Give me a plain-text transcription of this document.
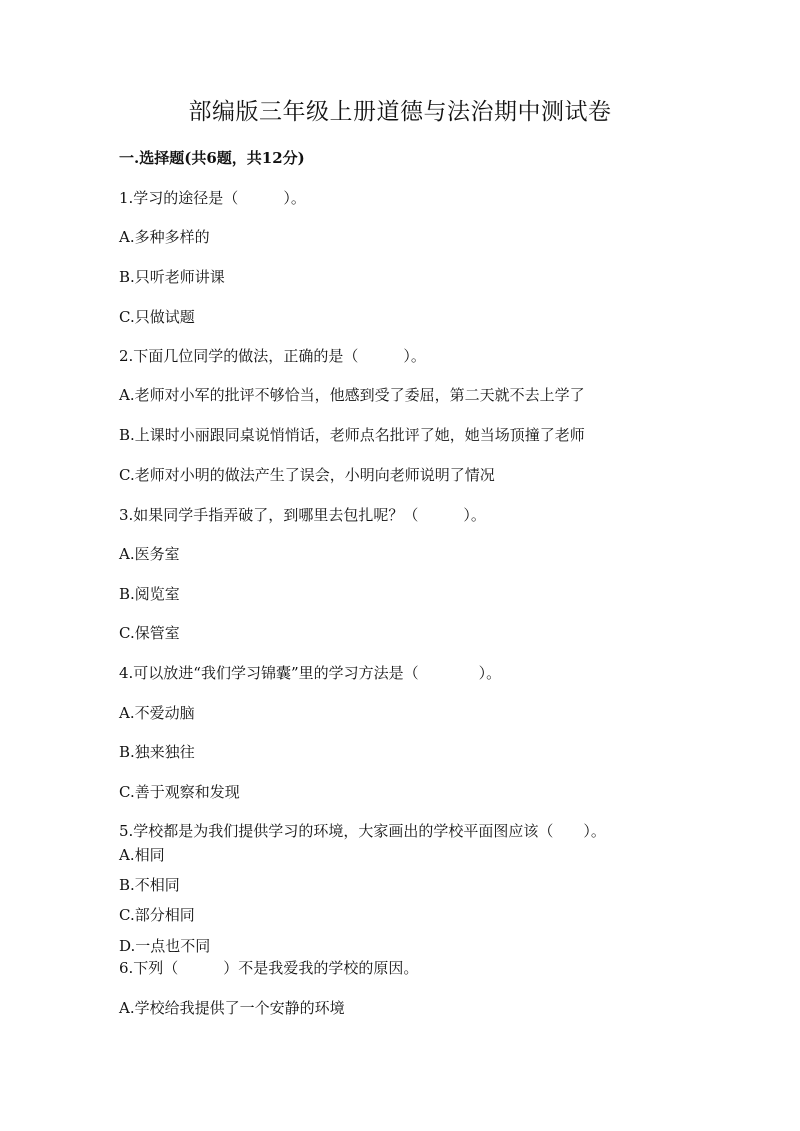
部编版三年级上册道德与法治期中测试卷
一.选择题(共6题，共12分)
1.学习的途径是（　　　）。
A.多种多样的
B.只听老师讲课
C.只做试题
2.下面几位同学的做法，正确的是（　　　）。
A.老师对小军的批评不够恰当，他感到受了委屈，第二天就不去上学了
B.上课时小丽跟同桌说悄悄话，老师点名批评了她，她当场顶撞了老师
C.老师对小明的做法产生了误会，小明向老师说明了情况
3.如果同学手指弄破了，到哪里去包扎呢？（　　　）。
A.医务室
B.阅览室
C.保管室
4.可以放进“我们学习锦囊”里的学习方法是（　　　　）。
A.不爱动脑
B.独来独往
C.善于观察和发现
5.学校都是为我们提供学习的环境，大家画出的学校平面图应该（　　）。
A.相同
B.不相同
C.部分相同
D.一点也不同
6.下列（　　　）不是我爱我的学校的原因。
A.学校给我提供了一个安静的环境
